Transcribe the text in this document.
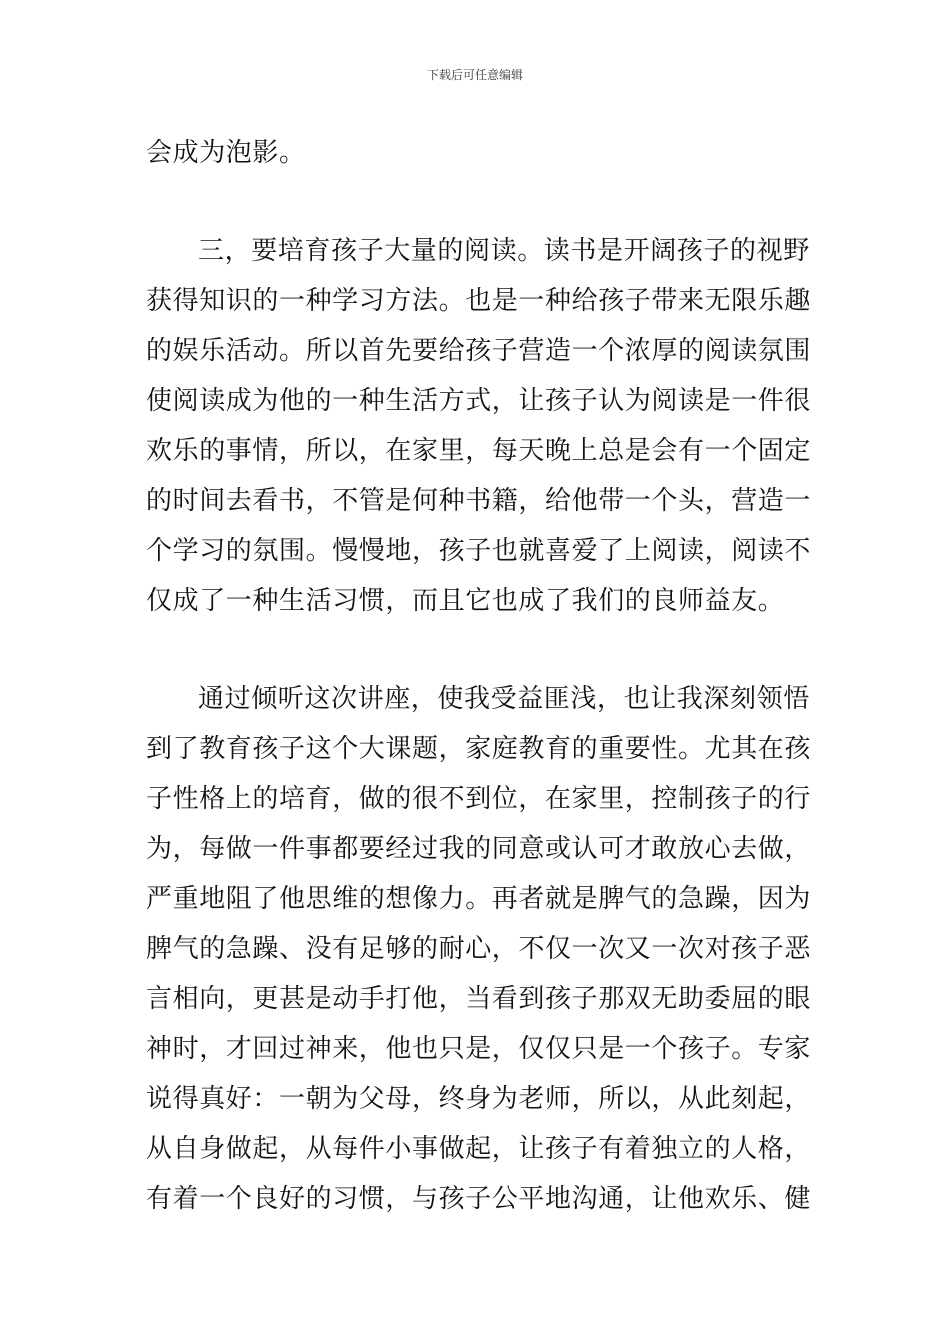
下载后可任意编辑
会成为泡影。
三，要培育孩子大量的阅读。读书是开阔孩子的视野
获得知识的一种学习方法。也是一种给孩子带来无限乐趣
的娱乐活动。所以首先要给孩子营造一个浓厚的阅读氛围
使阅读成为他的一种生活方式，让孩子认为阅读是一件很
欢乐的事情，所以，在家里，每天晚上总是会有一个固定
的时间去看书，不管是何种书籍，给他带一个头，营造一
个学习的氛围。慢慢地，孩子也就喜爱了上阅读，阅读不
仅成了一种生活习惯，而且它也成了我们的良师益友。
通过倾听这次讲座，使我受益匪浅，也让我深刻领悟
到了教育孩子这个大课题，家庭教育的重要性。尤其在孩
子性格上的培育，做的很不到位，在家里，控制孩子的行
为，每做一件事都要经过我的同意或认可才敢放心去做，
严重地阻了他思维的想像力。再者就是脾气的急躁，因为
脾气的急躁、没有足够的耐心，不仅一次又一次对孩子恶
言相向，更甚是动手打他，当看到孩子那双无助委屈的眼
神时，才回过神来，他也只是，仅仅只是一个孩子。专家
说得真好：一朝为父母，终身为老师，所以，从此刻起，
从自身做起，从每件小事做起，让孩子有着独立的人格，
有着一个良好的习惯，与孩子公平地沟通，让他欢乐、健
